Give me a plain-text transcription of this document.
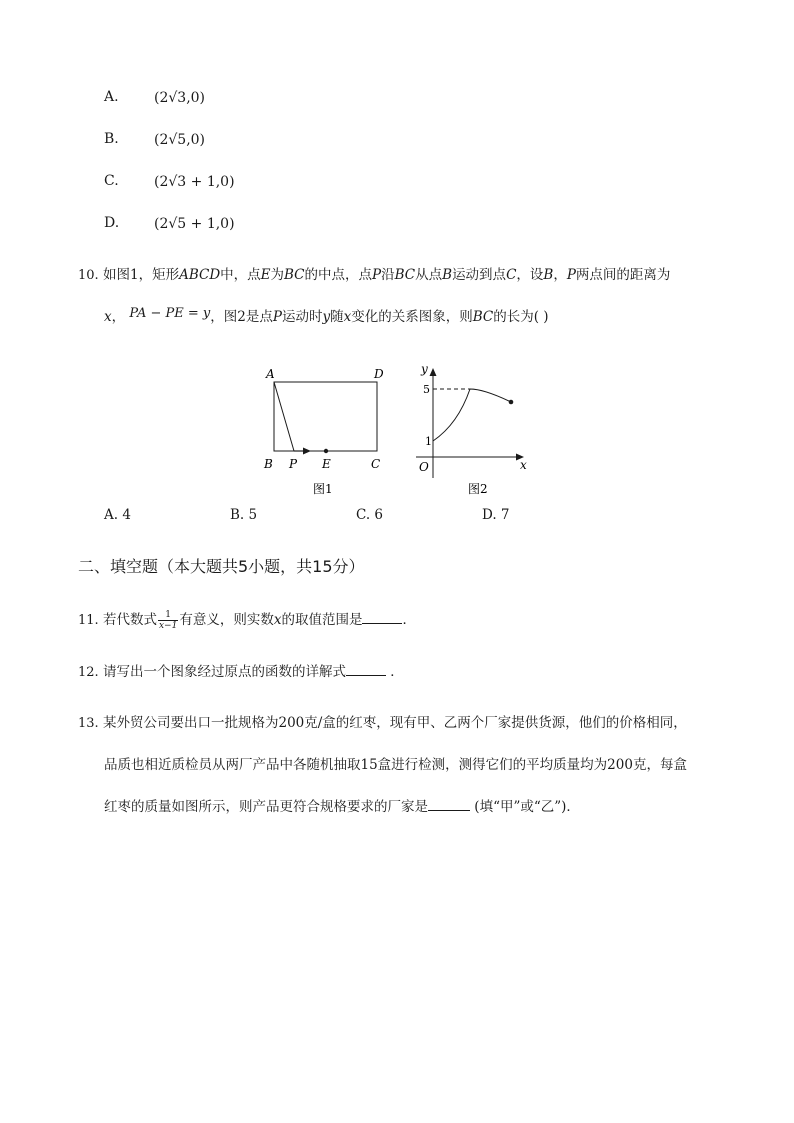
A.	(2√3,0)
B.	(2√5,0)
C.	(2√3 + 1,0)
D. (2√5 + 1,0)
10. 如图1，矩形ABCD中，点E为BC的中点，点P沿BC从点B运动到点C，设B，P两点间的距离为
x， PA − PE = y，图2是点P运动时y随x变化的关系图象，则BC的长为( )
A	D
B P E	C
图1
y
x
O
5
1
图2
A. 4	B. 5	C. 6	D. 7
二、填空题（本大题共5小题，共15分）
11. 若代数式 $\frac{1}{x-1}$ 有意义，则实数x的取值范围是	．
12. 请写出一个图象经过原点的函数的详解式	．
13. 某外贸公司要出口一批规格为200克/盒的红枣，现有甲、乙两个厂家提供货源，他们的价格相同，
品质也相近质检员从两厂产品中各随机抽取15盒进行检测，测得它们的平均质量均为200克，每盒
红枣的质量如图所示，则产品更符合规格要求的厂家是	(填“甲”或“乙”)．
